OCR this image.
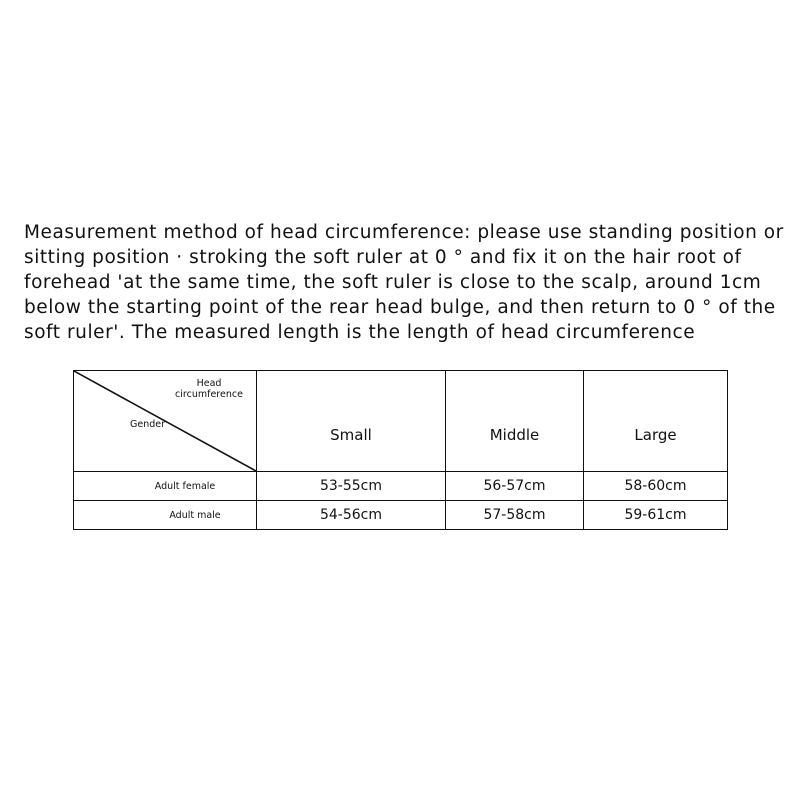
Measurement method of head circumference: please use standing position or
sitting position · stroking the soft ruler at 0 ° and fix it on the hair root of
forehead 'at the same time, the soft ruler is close to the scalp, around 1cm
below the starting point of the rear head bulge, and then return to 0 ° of the
soft ruler'. The measured length is the length of head circumference

Head circumference
Gender	Small	Middle	Large
Adult female	53-55cm	56-57cm	58-60cm
Adult male	54-56cm	57-58cm	59-61cm
